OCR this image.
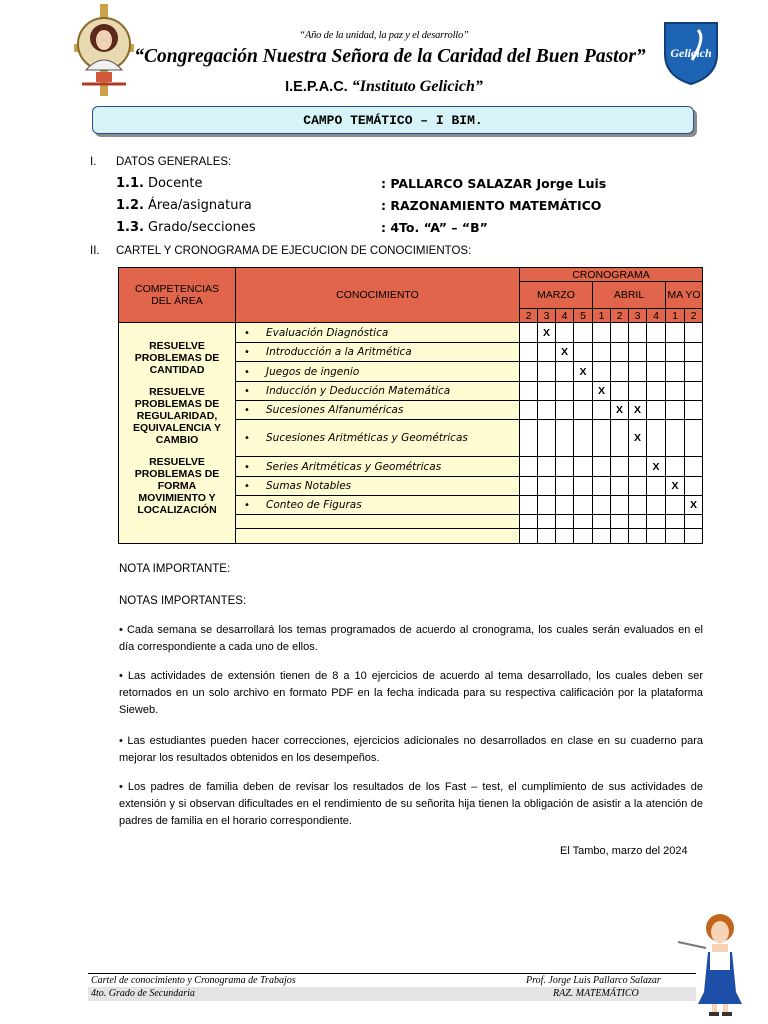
Gelicich
“Año de la unidad, la paz y el desarrollo”
“Congregación Nuestra Señora de la Caridad del Buen Pastor”
I.E.P.A.C. “Instituto Gelicich”
CAMPO TEMÁTICO – I BIM.
I. DATOS GENERALES:
1.1. Docente	: PALLARCO SALAZAR Jorge Luis
1.2. Área/asignatura	: RAZONAMIENTO MATEMÁTICO
1.3. Grado/secciones	: 4To. “A” – “B”
II. CARTEL Y CRONOGRAMA DE EJECUCION DE CONOCIMIENTOS:
COMPETENCIAS DEL ÁREA	CONOCIMIENTO	CRONOGRAMA									
		MARZO				ABRIL				MA YO	
		2	3	4	5	1	2	3	4	1	2

RESUELVE PROBLEMAS DE CANTIDAD
RESUELVE PROBLEMAS DE REGULARIDAD, EQUIVALENCIA Y CAMBIO
RESUELVE PROBLEMAS DE FORMA MOVIMIENTO Y LOCALIZACIÓN	• Evaluación Diagnóstica		X								
	• Introducción a la Aritmética			X							
	• Juegos de ingenio				X						
	• Inducción y Deducción Matemática					X					
	• Sucesiones Alfanuméricas						X	X			
	• Sucesiones Aritméticas y Geométricas							X			
	• Series Aritméticas y Geométricas								X		
	• Sumas Notables									X	
	• Conteo de Figuras										X

NOTA IMPORTANTE:
NOTAS IMPORTANTES:
• Cada semana se desarrollará los temas programados de acuerdo al cronograma, los cuales serán evaluados en el día correspondiente a cada uno de ellos.
• Las actividades de extensión tienen de 8 a 10 ejercicios de acuerdo al tema desarrollado, los cuales deben ser retornados en un solo archivo en formato PDF en la fecha indicada para su respectiva calificación por la plataforma Sieweb.
• Las estudiantes pueden hacer correcciones, ejercicios adicionales no desarrollados en clase en su cuaderno para mejorar los resultados obtenidos en los desempeños.
• Los padres de familia deben de revisar los resultados de los Fast – test, el cumplimiento de sus actividades de extensión y si observan dificultades en el rendimiento de su señorita hija tienen la obligación de asistir a la atención de padres de familia en el horario correspondiente.
El Tambo, marzo del 2024
Cartel de conocimiento y Cronograma de Trabajos
4to. Grado de Secundaria
Prof. Jorge Luis Pallarco Salazar
RAZ. MATEMÁTICO
